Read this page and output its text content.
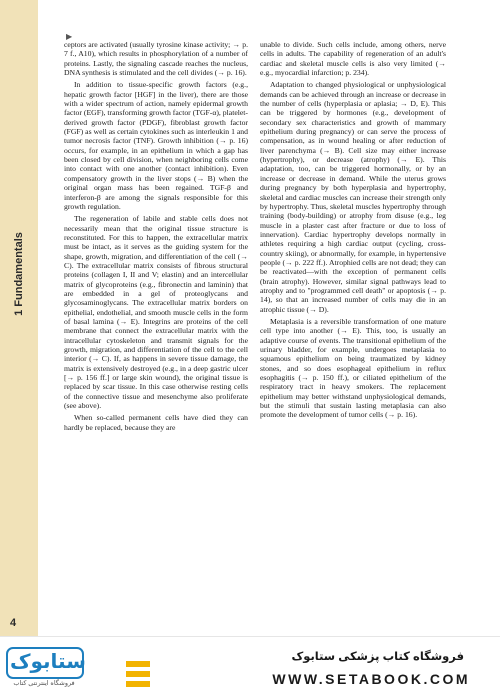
1 Fundamentals
4
▶

ceptors are activated (usually tyrosine kinase activity; → p. 7 f., A10), which results in phosphorylation of a number of proteins. Lastly, the signaling cascade reaches the nucleus, DNA synthesis is stimulated and the cell divides (→ p. 16).

In addition to tissue-specific growth factors (e.g., hepatic growth factor [HGF] in the liver), there are those with a wider spectrum of action, namely epidermal growth factor (EGF), transforming growth factor (TGF-α), platelet-derived growth factor (PDGF), fibroblast growth factor (FGF) as well as certain cytokines such as interleukin 1 and tumor necrosis factor (TNF). Growth inhibition (→ p. 16) occurs, for example, in an epithelium in which a gap has been closed by cell division, when neighboring cells come into contact with one another (contact inhibition). Even compensatory growth in the liver stops (→ B) when the original organ mass has been regained. TGF-β and interferon-β are among the signals responsible for this growth regulation.

The regeneration of labile and stable cells does not necessarily mean that the original tissue structure is reconstituted. For this to happen, the extracellular matrix must be intact, as it serves as the guiding system for the shape, growth, migration, and differentiation of the cell (→ C). The extracellular matrix consists of fibrous structural proteins (collagen I, II and V; elastin) and an intercellular matrix of glycoproteins (e.g., fibronectin and laminin) that are embedded in a gel of proteoglycans and glycosaminoglycans. The extracellular matrix borders on epithelial, endothelial, and smooth muscle cells in the form of basal lamina (→ E). Integrins are proteins of the cell membrane that connect the extracellular matrix with the intracellular cytoskeleton and transmit signals for the growth, migration, and differentiation of the cell to the cell interior (→ C). If, as happens in severe tissue damage, the matrix is extensively destroyed (e.g., in a deep gastric ulcer [→ p. 156 ff.] or large skin wound), the original tissue is replaced by scar tissue. In this case otherwise resting cells of the connective tissue and mesenchyme also proliferate (see above).

When so-called permanent cells have died they can hardly be replaced, because they are

unable to divide. Such cells include, among others, nerve cells in adults. The capability of regeneration of an adult's cardiac and skeletal muscle cells is also very limited (→ e.g., myocardial infarction; p. 234).

Adaptation to changed physiological or unphysiological demands can be achieved through an increase or decrease in the number of cells (hyperplasia or aplasia; → D, E). This can be triggered by hormones (e.g., development of secondary sex characteristics and growth of mammary epithelium during pregnancy) or can serve the process of compensation, as in wound healing or after reduction of liver parenchyma (→ B). Cell size may either increase (hypertrophy), or decrease (atrophy) (→ E). This adaptation, too, can be triggered hormonally, or by an increase or decrease in demand. While the uterus grows during pregnancy by both hyperplasia and hypertrophy, skeletal and cardiac muscles can increase their strength only by hypertrophy. Thus, skeletal muscles hypertrophy through training (body-building) or atrophy from disuse (e.g., leg muscle in a plaster cast after fracture or due to loss of innervation). Cardiac hypertrophy develops normally in athletes requiring a high cardiac output (cycling, cross-country skiing), or abnormally, for example, in hypertensive people (→ p. 222 ff.). Atrophied cells are not dead; they can be reactivated—with the exception of permanent cells (brain atrophy). However, similar signal pathways lead to atrophy and to "programmed cell death" or apoptosis (→ p. 14), so that an increased number of cells may die in an atrophic tissue (→ D).

Metaplasia is a reversible transformation of one mature cell type into another (→ E). This, too, is usually an adaptive course of events. The transitional epithelium of the urinary bladder, for example, undergoes metaplasia to squamous epithelium on being traumatized by kidney stones, and so does esophageal epithelium in reflux esophagitis (→ p. 150 ff.), or ciliated epithelium of the respiratory tract in heavy smokers. The replacement epithelium may better withstand unphysiological demands, but the stimuli that sustain lasting metaplasia can also promote the development of tumor cells (→ p. 16).

ستابوک
فروشگاه اینترنتی کتاب
فروشگاه کتاب پزشکی ستابوک
WWW.SETABOOK.COM
